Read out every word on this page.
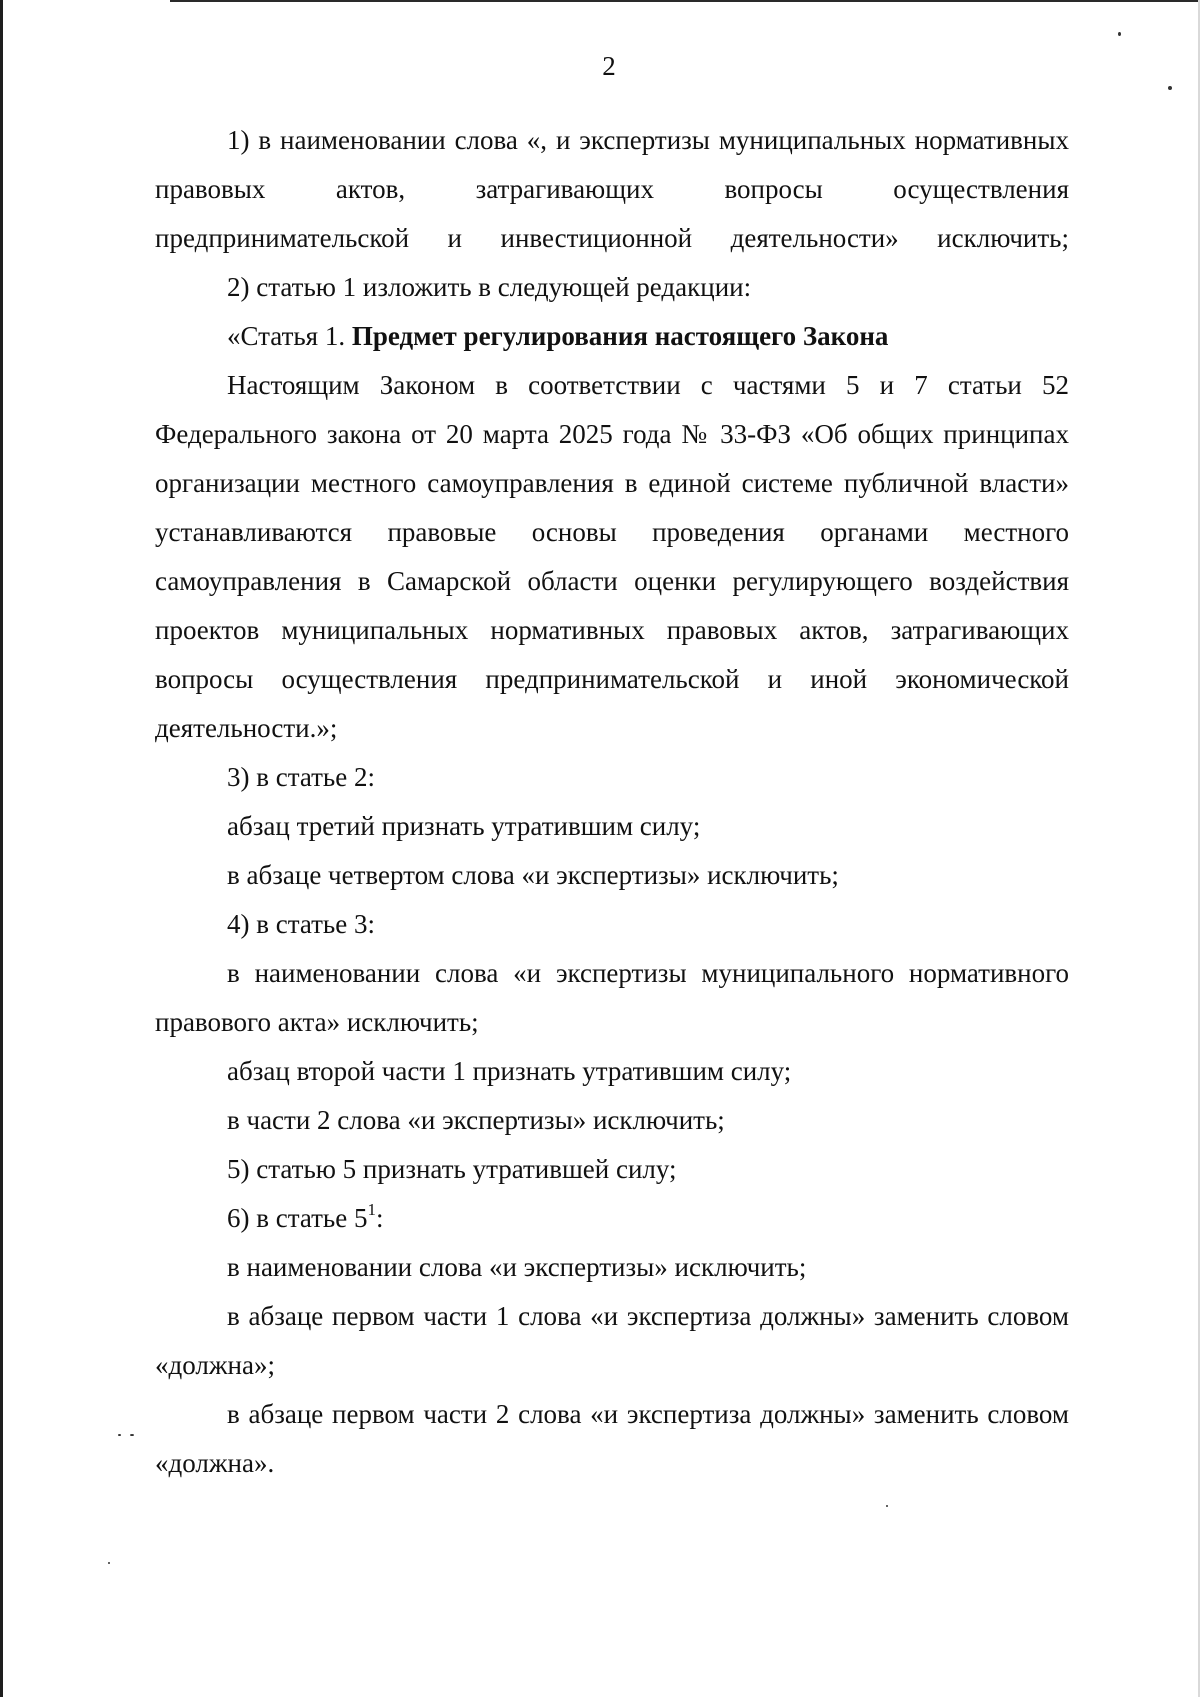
2

1) в наименовании слова «, и экспертизы муниципальных нормативных правовых актов, затрагивающих вопросы осуществления предпринимательской и инвестиционной деятельности» исключить;

2) статью 1 изложить в следующей редакции:

«Статья 1. Предмет регулирования настоящего Закона

Настоящим Законом в соответствии с частями 5 и 7 статьи 52 Федерального закона от 20 марта 2025 года № 33-ФЗ «Об общих принципах организации местного самоуправления в единой системе публичной власти» устанавливаются правовые основы проведения органами местного самоуправления в Самарской области оценки регулирующего воздействия проектов муниципальных нормативных правовых актов, затрагивающих вопросы осуществления предпринимательской и иной экономической деятельности.»;

3) в статье 2:

абзац третий признать утратившим силу;

в абзаце четвертом слова «и экспертизы» исключить;

4) в статье 3:

в наименовании слова «и экспертизы муниципального нормативного правового акта» исключить;

абзац второй части 1 признать утратившим силу;

в части 2 слова «и экспертизы» исключить;

5) статью 5 признать утратившей силу;

6) в статье $5^1$:

в наименовании слова «и экспертизы» исключить;

в абзаце первом части 1 слова «и экспертиза должны» заменить словом «должна»;

в абзаце первом части 2 слова «и экспертиза должны» заменить словом «должна».
